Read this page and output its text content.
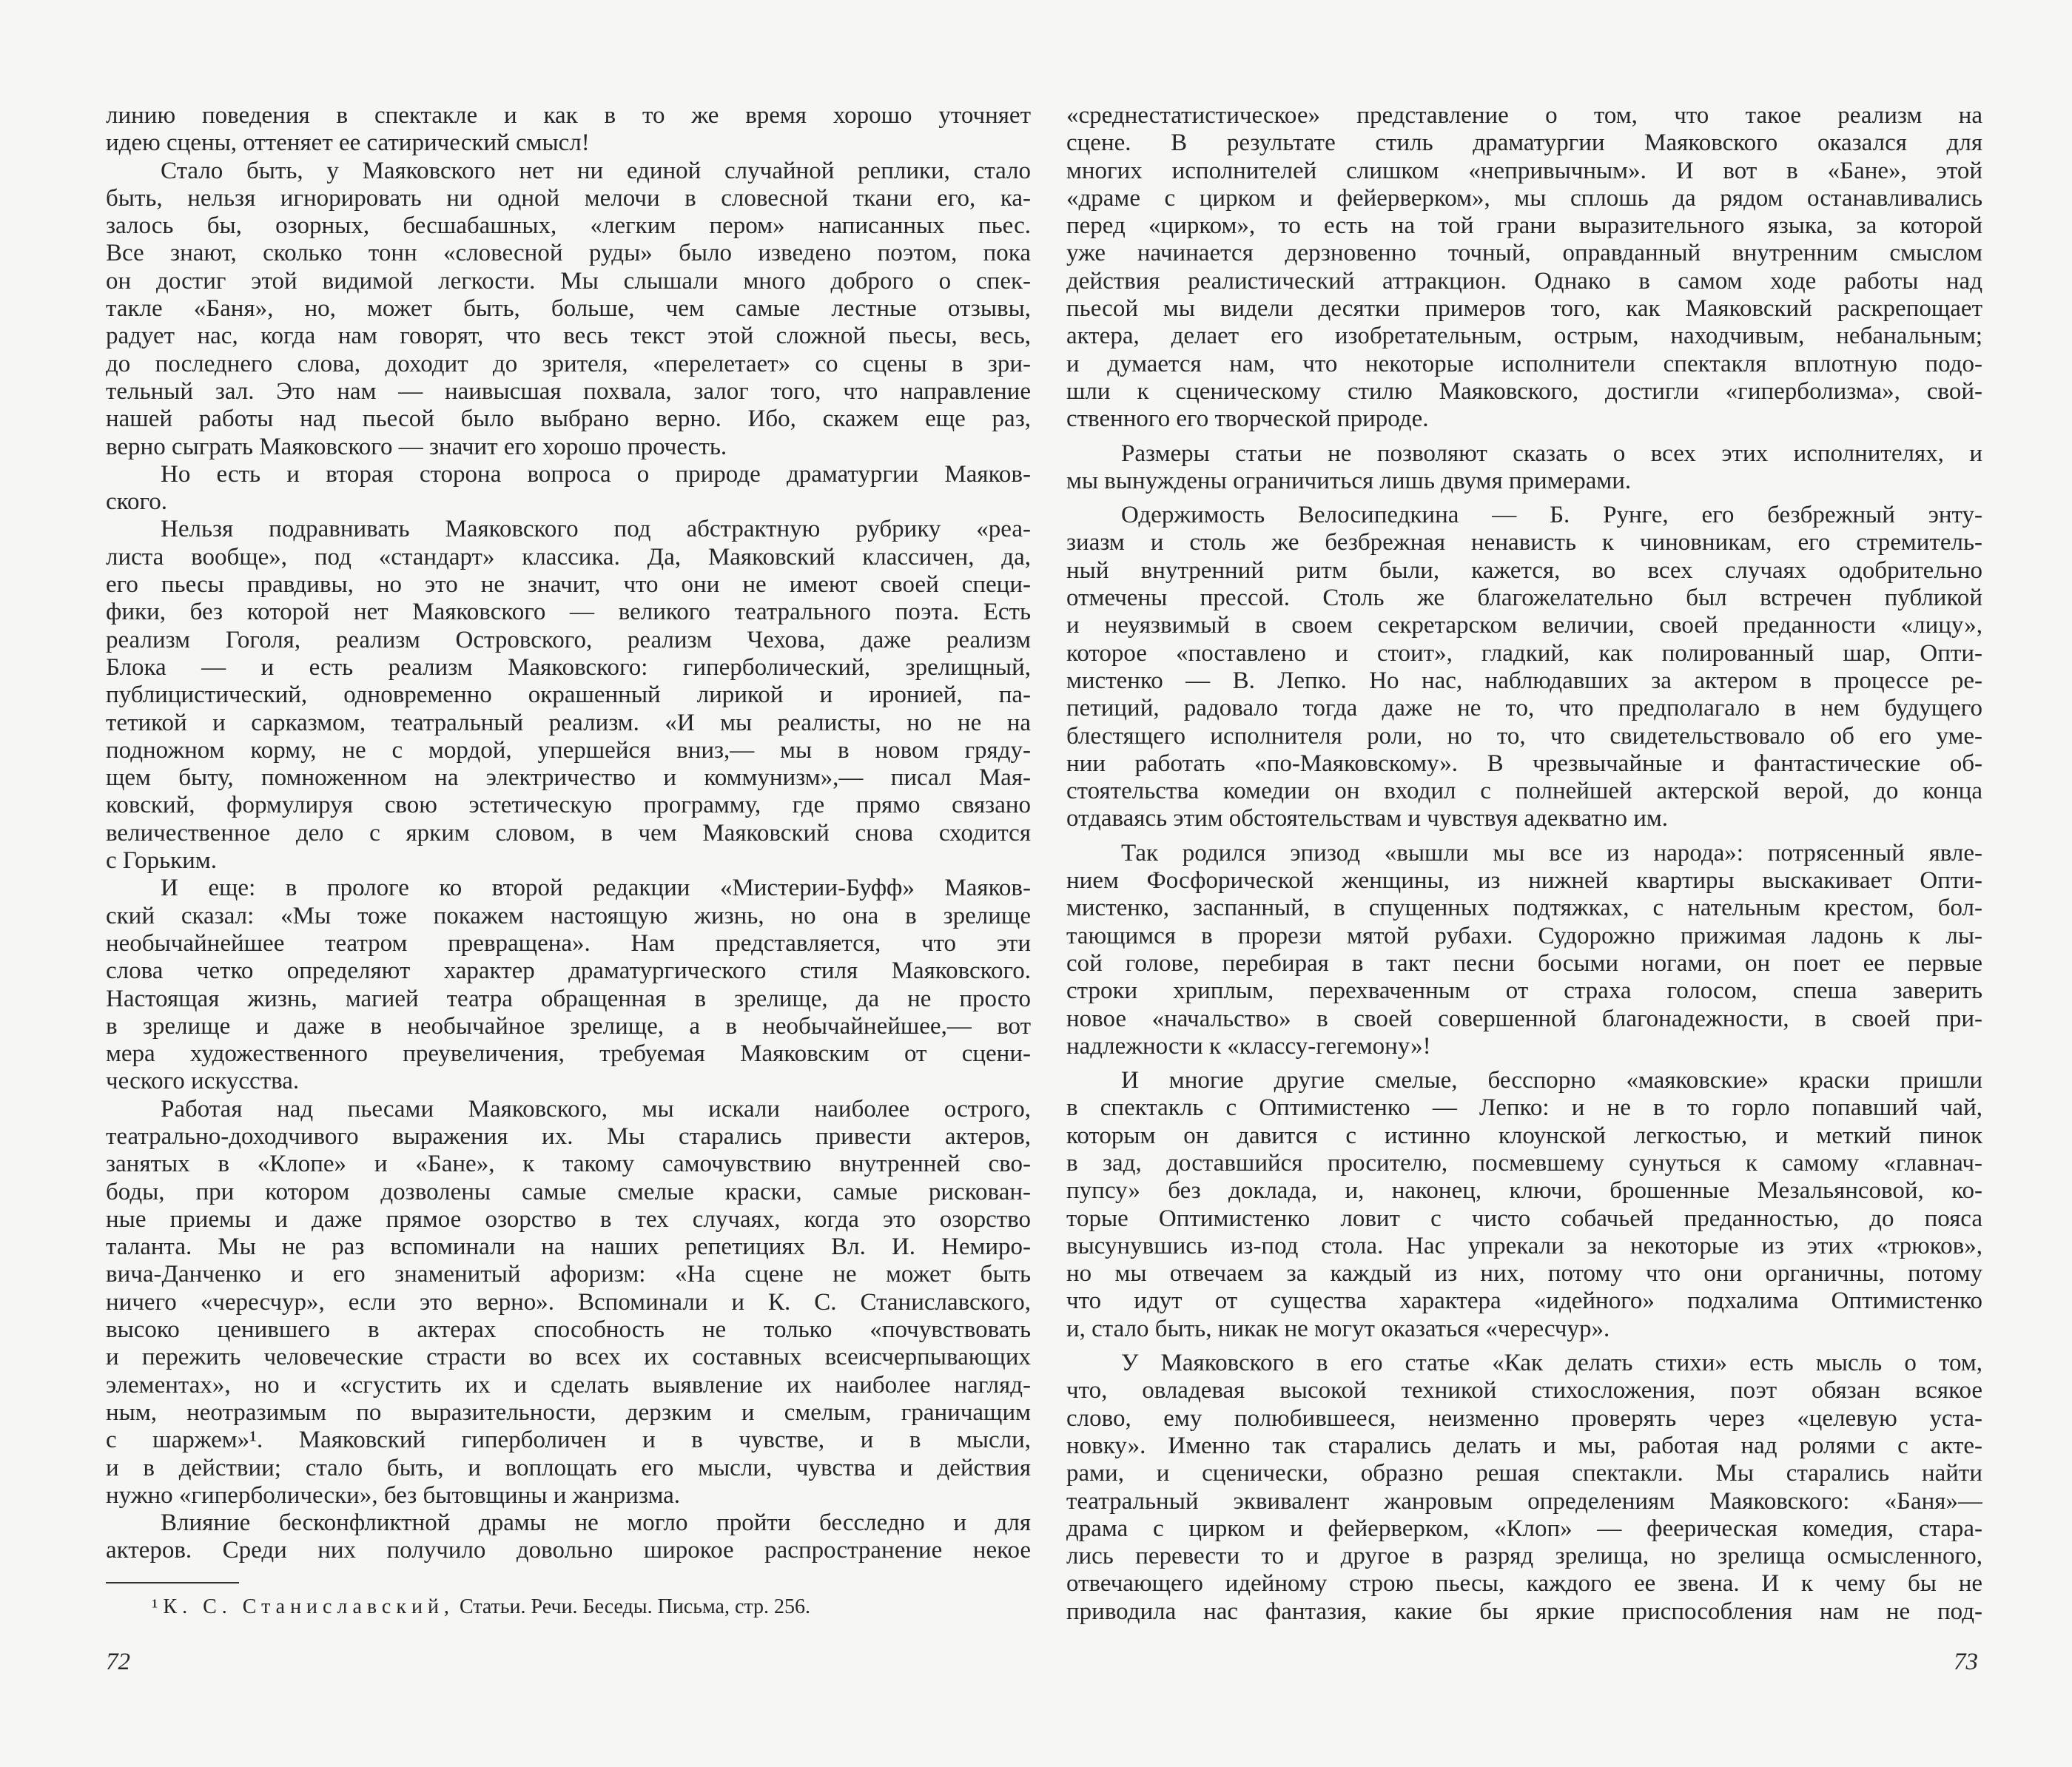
линию поведения в спектакле и как в то же время хорошо уточняет
идею сцены, оттеняет ее сатирический смысл!
Стало быть, у Маяковского нет ни единой случайной реплики, стало
быть, нельзя игнорировать ни одной мелочи в словесной ткани его, ка-
залось бы, озорных, бесшабашных, «легким пером» написанных пьес.
Все знают, сколько тонн «словесной руды» было изведено поэтом, пока
он достиг этой видимой легкости. Мы слышали много доброго о спек-
такле «Баня», но, может быть, больше, чем самые лестные отзывы,
радует нас, когда нам говорят, что весь текст этой сложной пьесы, весь,
до последнего слова, доходит до зрителя, «перелетает» со сцены в зри-
тельный зал. Это нам — наивысшая похвала, залог того, что направление
нашей работы над пьесой было выбрано верно. Ибо, скажем еще раз,
верно сыграть Маяковского — значит его хорошо прочесть.
Но есть и вторая сторона вопроса о природе драматургии Маяков-
ского.
Нельзя подравнивать Маяковского под абстрактную рубрику «реа-
листа вообще», под «стандарт» классика. Да, Маяковский классичен, да,
его пьесы правдивы, но это не значит, что они не имеют своей специ-
фики, без которой нет Маяковского — великого театрального поэта. Есть
реализм Гоголя, реализм Островского, реализм Чехова, даже реализм
Блока — и есть реализм Маяковского: гиперболический, зрелищный,
публицистический, одновременно окрашенный лирикой и иронией, па-
тетикой и сарказмом, театральный реализм. «И мы реалисты, но не на
подножном корму, не с мордой, упершейся вниз,— мы в новом гряду-
щем быту, помноженном на электричество и коммунизм»,— писал Мая-
ковский, формулируя свою эстетическую программу, где прямо связано
величественное дело с ярким словом, в чем Маяковский снова сходится
с Горьким.
И еще: в прологе ко второй редакции «Мистерии-Буфф» Маяков-
ский сказал: «Мы тоже покажем настоящую жизнь, но она в зрелище
необычайнейшее театром превращена». Нам представляется, что эти
слова четко определяют характер драматургического стиля Маяковского.
Настоящая жизнь, магией театра обращенная в зрелище, да не просто
в зрелище и даже в необычайное зрелище, а в необычайнейшее,— вот
мера художественного преувеличения, требуемая Маяковским от сцени-
ческого искусства.
Работая над пьесами Маяковского, мы искали наиболее острого,
театрально-доходчивого выражения их. Мы старались привести актеров,
занятых в «Клопе» и «Бане», к такому самочувствию внутренней сво-
боды, при котором дозволены самые смелые краски, самые рискован-
ные приемы и даже прямое озорство в тех случаях, когда это озорство
таланта. Мы не раз вспоминали на наших репетициях Вл. И. Немиро-
вича-Данченко и его знаменитый афоризм: «На сцене не может быть
ничего «чересчур», если это верно». Вспоминали и К. С. Станиславского,
высоко ценившего в актерах способность не только «почувствовать
и пережить человеческие страсти во всех их составных всеисчерпывающих
элементах», но и «сгустить их и сделать выявление их наиболее нагляд-
ным, неотразимым по выразительности, дерзким и смелым, граничащим
с шаржем»¹. Маяковский гиперболичен и в чувстве, и в мысли,
и в действии; стало быть, и воплощать его мысли, чувства и действия
нужно «гиперболически», без бытовщины и жанризма.
Влияние бесконфликтной драмы не могло пройти бесследно и для
актеров. Среди них получило довольно широкое распространение некое
«среднестатистическое» представление о том, что такое реализм на
сцене. В результате стиль драматургии Маяковского оказался для
многих исполнителей слишком «непривычным». И вот в «Бане», этой
«драме с цирком и фейерверком», мы сплошь да рядом останавливались
перед «цирком», то есть на той грани выразительного языка, за которой
уже начинается дерзновенно точный, оправданный внутренним смыслом
действия реалистический аттракцион. Однако в самом ходе работы над
пьесой мы видели десятки примеров того, как Маяковский раскрепощает
актера, делает его изобретательным, острым, находчивым, небанальным;
и думается нам, что некоторые исполнители спектакля вплотную подо-
шли к сценическому стилю Маяковского, достигли «гиперболизма», свой-
ственного его творческой природе.
Размеры статьи не позволяют сказать о всех этих исполнителях, и
мы вынуждены ограничиться лишь двумя примерами.
Одержимость Велосипедкина — Б. Рунге, его безбрежный энту-
зиазм и столь же безбрежная ненависть к чиновникам, его стремитель-
ный внутренний ритм были, кажется, во всех случаях одобрительно
отмечены прессой. Столь же благожелательно был встречен публикой
и неуязвимый в своем секретарском величии, своей преданности «лицу»,
которое «поставлено и стоит», гладкий, как полированный шар, Опти-
мистенко — В. Лепко. Но нас, наблюдавших за актером в процессе ре-
петиций, радовало тогда даже не то, что предполагало в нем будущего
блестящего исполнителя роли, но то, что свидетельствовало об его уме-
нии работать «по-Маяковскому». В чрезвычайные и фантастические об-
стоятельства комедии он входил с полнейшей актерской верой, до конца
отдаваясь этим обстоятельствам и чувствуя адекватно им.
Так родился эпизод «вышли мы все из народа»: потрясенный явле-
нием Фосфорической женщины, из нижней квартиры выскакивает Опти-
мистенко, заспанный, в спущенных подтяжках, с нательным крестом, бол-
тающимся в прорези мятой рубахи. Судорожно прижимая ладонь к лы-
сой голове, перебирая в такт песни босыми ногами, он поет ее первые
строки хриплым, перехваченным от страха голосом, спеша заверить
новое «начальство» в своей совершенной благонадежности, в своей при-
надлежности к «классу-гегемону»!
И многие другие смелые, бесспорно «маяковские» краски пришли
в спектакль с Оптимистенко — Лепко: и не в то горло попавший чай,
которым он давится с истинно клоунской легкостью, и меткий пинок
в зад, доставшийся просителю, посмевшему сунуться к самому «главнач-
пупсу» без доклада, и, наконец, ключи, брошенные Мезальянсовой, ко-
торые Оптимистенко ловит с чисто собачьей преданностью, до пояса
высунувшись из-под стола. Нас упрекали за некоторые из этих «трюков»,
но мы отвечаем за каждый из них, потому что они органичны, потому
что идут от существа характера «идейного» подхалима Оптимистенко
и, стало быть, никак не могут оказаться «чересчур».
У Маяковского в его статье «Как делать стихи» есть мысль о том,
что, овладевая высокой техникой стихосложения, поэт обязан всякое
слово, ему полюбившееся, неизменно проверять через «целевую уста-
новку». Именно так старались делать и мы, работая над ролями с акте-
рами, и сценически, образно решая спектакли. Мы старались найти
театральный эквивалент жанровым определениям Маяковского: «Баня»—
драма с цирком и фейерверком, «Клоп» — феерическая комедия, стара-
лись перевести то и другое в разряд зрелища, но зрелища осмысленного,
отвечающего идейному строю пьесы, каждого ее звена. И к чему бы не
приводила нас фантазия, какие бы яркие приспособления нам не под-
¹ К. С. Станиславский, Статьи. Речи. Беседы. Письма, стр. 256.
72	73
